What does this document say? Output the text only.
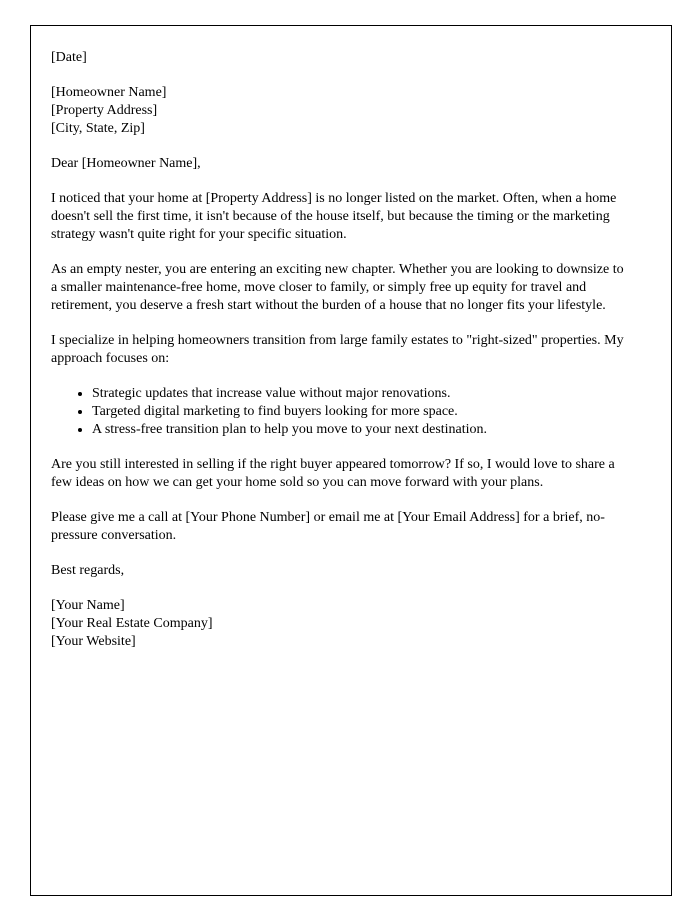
[Date]

[Homeowner Name]

[Property Address]

[City, State, Zip]

Dear [Homeowner Name],

I noticed that your home at [Property Address] is no longer listed on the market. Often, when a home doesn't sell the first time, it isn't because of the house itself, but because the timing or the marketing strategy wasn't quite right for your specific situation.

As an empty nester, you are entering an exciting new chapter. Whether you are looking to downsize to a smaller maintenance-free home, move closer to family, or simply free up equity for travel and retirement, you deserve a fresh start without the burden of a house that no longer fits your lifestyle.

I specialize in helping homeowners transition from large family estates to "right-sized" properties. My approach focuses on:

• Strategic updates that increase value without major renovations.
• Targeted digital marketing to find buyers looking for more space.
• A stress-free transition plan to help you move to your next destination.

Are you still interested in selling if the right buyer appeared tomorrow? If so, I would love to share a few ideas on how we can get your home sold so you can move forward with your plans.

Please give me a call at [Your Phone Number] or email me at [Your Email Address] for a brief, no-pressure conversation.

Best regards,

[Your Name]

[Your Real Estate Company]

[Your Website]
